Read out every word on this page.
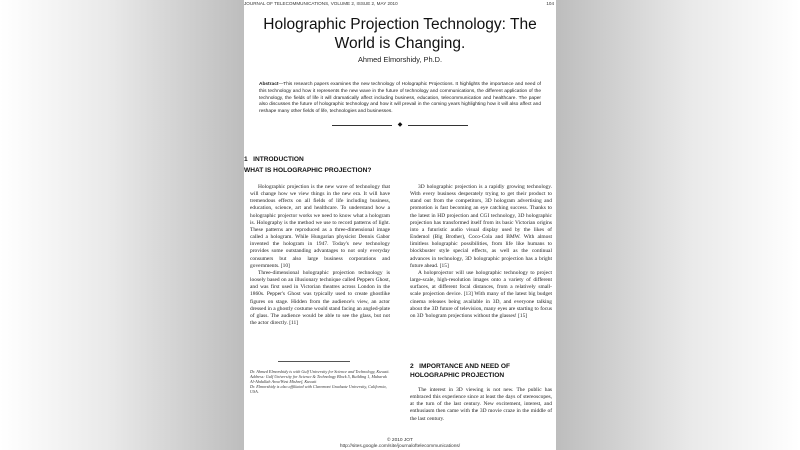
JOURNAL OF TELECOMMUNICATIONS, VOLUME 2, ISSUE 2, MAY 2010	104
Holographic Projection Technology: The World is Changing.
Ahmed Elmorshidy, Ph.D.
Abstract—This research papers examines the new technology of Holographic Projections. It highlights the importance and need of this technology and how it represents the new wave in the future of technology and communications, the different application of the technology, the fields of life it will dramatically affect including business, education, telecommunication and healthcare. The paper also discusses the future of holographic technology and how it will prevail in the coming years highlighting how it will also affect and reshape many other fields of life, technologies and businesses.
◆
1 INTRODUCTION
WHAT IS HOLOGRAPHIC PROJECTION?

Holographic projection is the new wave of technology that will change how we view things in the new era. It will have tremendous effects on all fields of life including business, education, science, art and healthcare. To understand how a holographic projector works we need to know what a hologram is. Holography is the method we use to record patterns of light. These patterns are reproduced as a three-dimensional image called a hologram. While Hungarian physicist Dennis Gabor invented the hologram in 1947. Today's new technology provides some outstanding advantages to not only everyday consumers but also large business corporations and governments. [10]

Three-dimensional holographic projection technology is loosely based on an illusionary technique called Peppers Ghost, and was first used in Victorian theatres across London in the 1860s. Pepper's Ghost was typically used to create ghostlike figures on stage. Hidden from the audience's view, an actor dressed in a ghostly costume would stand facing an angled-plate of glass. The audience would be able to see the glass, but not the actor directly. [11]

Dr. Ahmed Elmorshidy is with Gulf University for Science and Technology, Kuwait. Address: Gulf University for Science & Technology Block 5, Building 1, Mubarak Al-Abdullah Area/West Mishref, Kuwait

Dr. Elmorshidy is also affiliated with Claremont Graduate University, California, USA.

3D holographic projection is a rapidly growing technology. With every business desperately trying to get their product to stand out from the competitors, 3D hologram advertising and promotion is fast becoming an eye catching success. Thanks to the latest in HD projection and CGI technology, 3D holographic projection has transformed itself from its basic Victorian origins into a futuristic audio visual display used by the likes of Endemol (Big Brother), Coco-Cola and BMW. With almost limitless holographic possibilities, from life like humans to blockbuster style special effects, as well as the continual advances in technology, 3D holographic projection has a bright future ahead. [15]

A holoprojector will use holographic technology to project large-scale, high-resolution images onto a variety of different surfaces, at different focal distances, from a relatively small-scale projection device. [13] With many of the latest big budget cinema releases being available in 3D, and everyone talking about the 3D future of television, many eyes are starting to focus on 3D 'hologram projections without the glasses! [15]

2 IMPORTANCE AND NEED OF HOLOGRAPHIC PROJECTION

The interest in 3D viewing is not new. The public has embraced this experience since at least the days of stereoscopes, at the turn of the last century. New excitement, interest, and enthusiasm then came with the 3D movie craze in the middle of the last century.

© 2010 JOT
http://sites.google.com/site/journaloftelecommunications/
